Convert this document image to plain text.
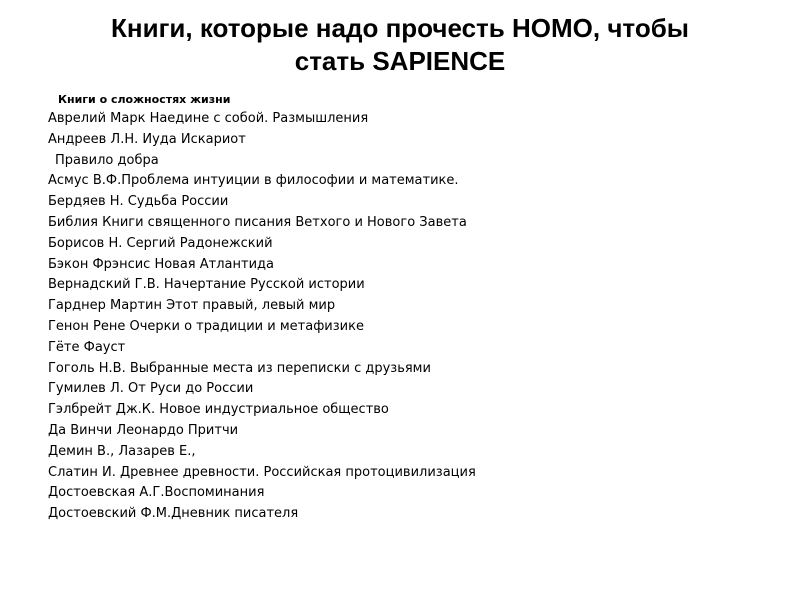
Книги, которые надо прочесть HOMO, чтобы
стать SAPIENCE
Книги о сложностях жизни
Аврелий Марк Наедине с собой. Размышления
Андреев Л.Н. Иуда Искариот
Правило добра
Асмус В.Ф.Проблема интуиции в философии и математике.
Бердяев Н. Судьба России
Библия Книги священного писания Ветхого и Нового Завета
Борисов Н. Сергий Радонежский
Бэкон Фрэнсис Новая Атлантида
Вернадский Г.В. Начертание Русской истории
Гарднер Мартин Этот правый, левый мир
Генон Рене Очерки о традиции и метафизике
Гёте Фауст
Гоголь Н.В. Выбранные места из переписки с друзьями
Гумилев Л. От Руси до России
Гэлбрейт Дж.К. Новое индустриальное общество
Да Винчи Леонардо Притчи
Демин В., Лазарев Е.,
Слатин И. Древнее древности. Российская протоцивилизация
Достоевская А.Г.Воспоминания
Достоевский Ф.М.Дневник писателя
